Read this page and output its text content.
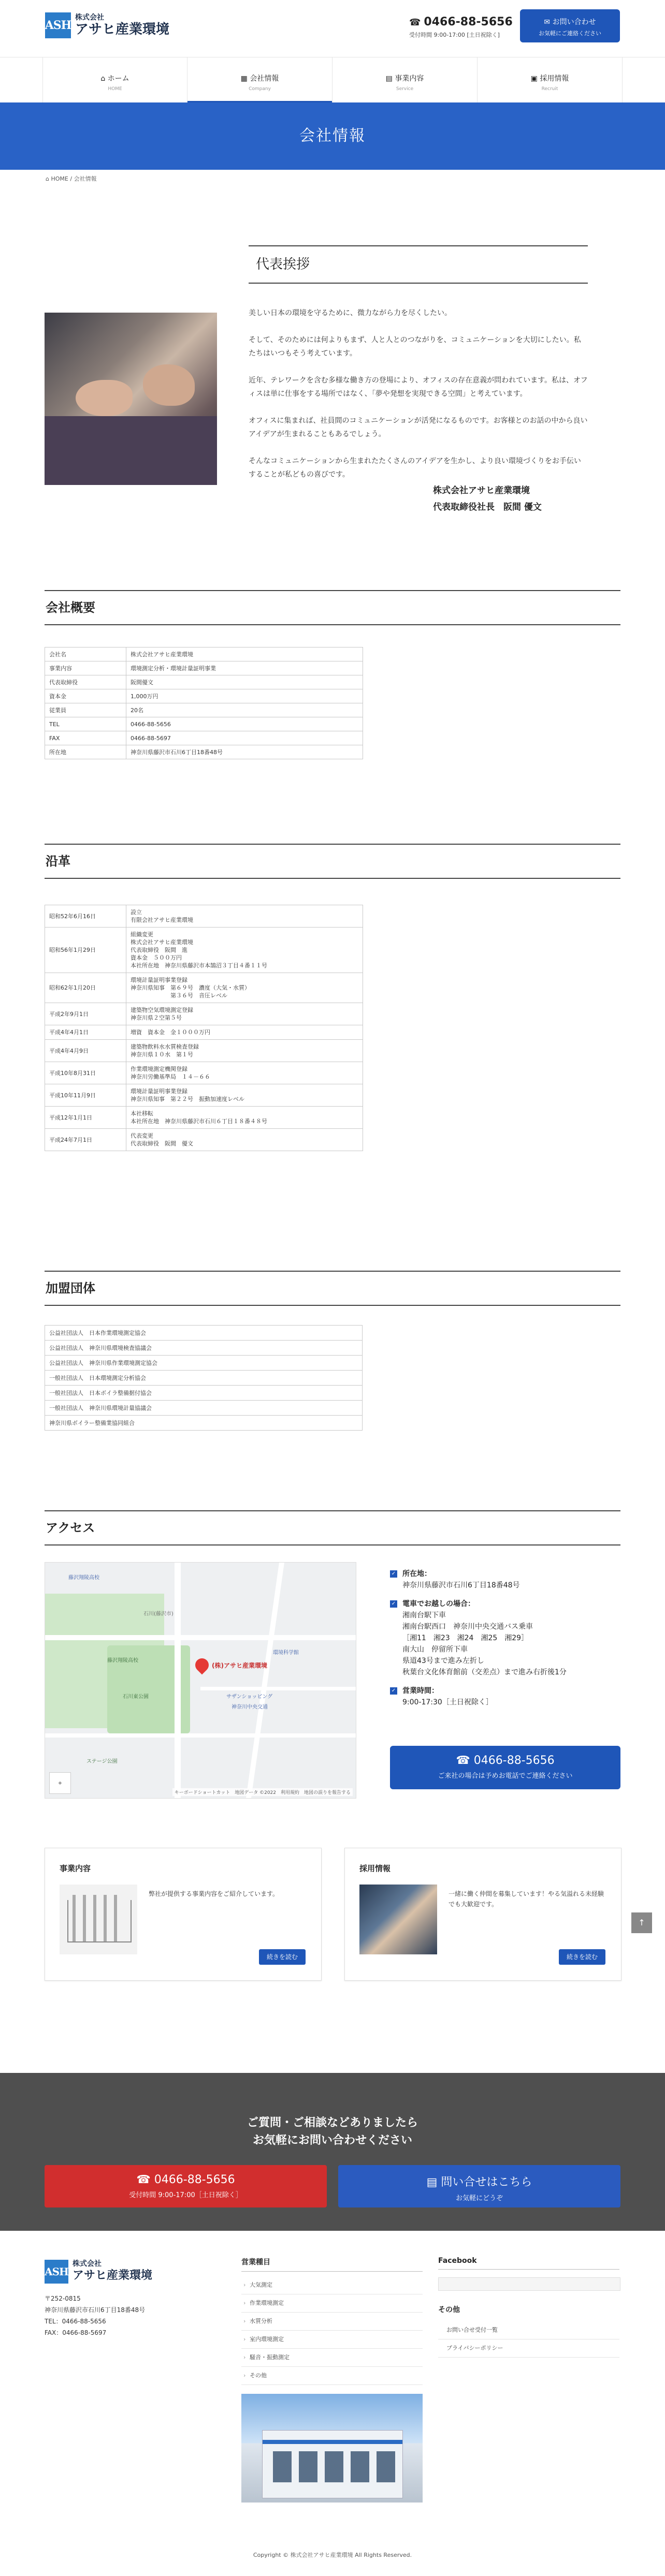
ASH
株式会社
アサヒ産業環境	☎ 0466-88-5656
受付時間 9:00-17:00 [土日祝除く]
✉ お問い合わせ
お気軽にご連絡ください
⌂ ホーム
HOME
▦ 会社情報
Company
▤ 事業内容
Service
▣ 採用情報
Recruit
会社情報
⌂ HOME / 会社情報
代表挨拶

美しい日本の環境を守るために、微力ながら力を尽くしたい。

そして、そのためには何よりもまず、人と人とのつながりを、コミュニケーションを大切にしたい。私たちはいつもそう考えています。

近年、テレワークを含む多様な働き方の登場により、オフィスの存在意義が問われています。私は、オフィスは単に仕事をする場所ではなく、「夢や発想を実現できる空間」と考えています。

オフィスに集まれば、社員間のコミュニケーションが活発になるものです。お客様とのお話の中から良いアイデアが生まれることもあるでしょう。

そんなコミュニケーションから生まれたたくさんのアイデアを生かし、より良い環境づくりをお手伝いすることが私どもの喜びです。

株式会社アサヒ産業環境
代表取締役社長　阪間 優文
会社概要
会社名	株式会社アサヒ産業環境
事業内容	環境測定分析・環境計量証明事業
代表取締役	阪間優文
資本金	1,000万円
従業員	20名
TEL	0466-88-5656
FAX	0466-88-5697
所在地	神奈川県藤沢市石川6丁目18番48号
沿革
昭和52年6月16日	設立
有限会社アサヒ産業環境
昭和56年1月29日	組織変更
株式会社アサヒ産業環境
代表取締役　阪間　進
資本金　５００万円
本社所在地　神奈川県藤沢市本鵠沼３丁目４番１１号
昭和62年1月20日	環境計量証明事業登録
神奈川県知事　第６９号　濃度（大気・水質）
　　　　　　　第３６号　音圧レベル
平成2年9月1日	建築物空気環境測定登録
神奈川県２空第５号
平成4年4月1日	増資　資本金　金１０００万円
平成4年4月9日	建築物飲料水水質検査登録
神奈川県１０水　第１号
平成10年8月31日	作業環境測定機関登録
神奈川労働基準局　１４－６６
平成10年11月9日	環境計量証明事業登録
神奈川県知事　第２２号　振動加速度レベル
平成12年1月1日	本社移転
本社所在地　神奈川県藤沢市石川６丁目１８番４８号
平成24年7月1日	代表変更
代表取締役　阪間　優文
加盟団体
公益社団法人　日本作業環境測定協会
公益社団法人　神奈川県環境検査協議会
公益社団法人　神奈川県作業環境測定協会
一般社団法人　日本環境測定分析協会
一般社団法人　日本ボイラ整備据付協会
一般社団法人　神奈川県環境計量協議会
神奈川県ボイラー整備業協同組合
アクセス
藤沢翔陵高校
石川(藤沢市)
藤沢翔陵高校
石川東公園
環境科学館
サザンショッピング
神奈川中央交通
ステージ公園
(株)アサヒ産業環境
+
キーボードショートカット　地図データ ©2022　利用規約　地図の誤りを報告する
✓ 所在地：
神奈川県藤沢市石川6丁目18番48号
✓ 電車でお越しの場合：
湘南台駅下車
湘南台駅西口　神奈川中央交通バス乗車
［湘11　湘23　湘24　湘25　湘29］
南大山　停留所下車
県道43号まで進み左折し
秋葉台文化体育館前（交差点）まで進み右折後1分
✓ 営業時間：
9:00-17:30［土日祝除く］
☎ 0466-88-5656
ご来社の場合は予めお電話でご連絡ください
事業内容
弊社が提供する事業内容をご紹介しています。
続きを読む
採用情報
一緒に働く仲間を募集しています！やる気溢れる未経験でも大歓迎です。
続きを読む
↑
ご質問・ご相談などありましたら
お気軽にお問い合わせください
☎ 0466-88-5656
受付時間 9:00-17:00［土日祝除く］
▤ 問い合せはこちら
お気軽にどうぞ
ASH
株式会社
アサヒ産業環境
〒252-0815
神奈川県藤沢市石川6丁目18番48号
TEL：0466-88-5656
FAX：0466-88-5697
営業種目
› 大気測定
› 作業環境測定
› 水質分析
› 室内環境測定
› 騒音・振動測定
› その他
Facebook
その他
お問い合せ受付一覧
プライバシーポリシー
Copyright © 株式会社アサヒ産業環境 All Rights Reserved.
